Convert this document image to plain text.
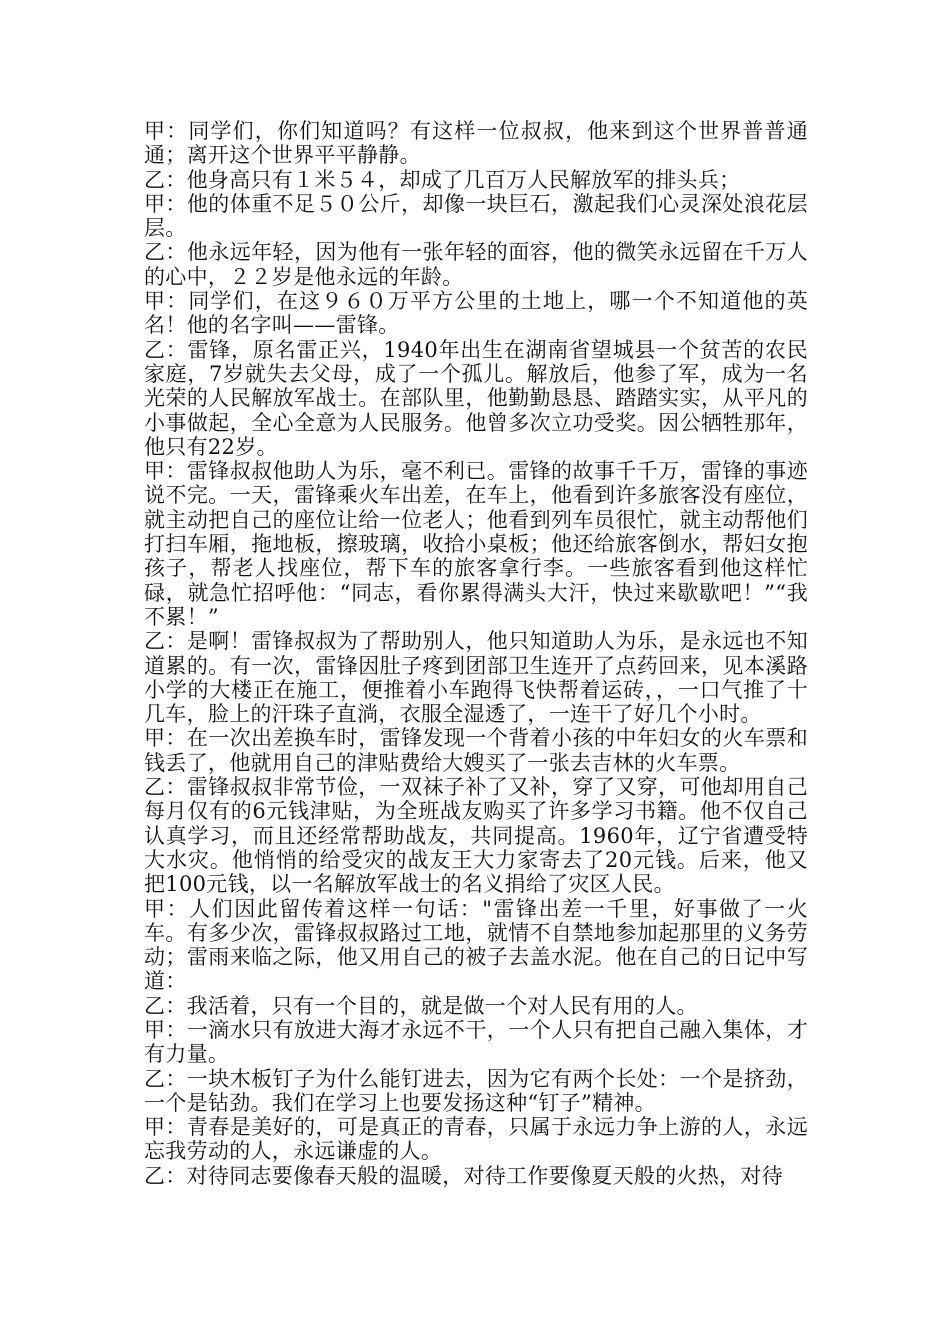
甲：同学们，你们知道吗？有这样一位叔叔，他来到这个世界普普通通；离开这个世界平平静静。

乙：他身高只有１米５４，却成了几百万人民解放军的排头兵；

甲：他的体重不足５０公斤，却像一块巨石，激起我们心灵深处浪花层层。

乙：他永远年轻，因为他有一张年轻的面容，他的微笑永远留在千万人的心中，２２岁是他永远的年龄。

甲：同学们，在这９６０万平方公里的土地上，哪一个不知道他的英名！他的名字叫——雷锋。

乙：雷锋，原名雷正兴，1940年出生在湖南省望城县一个贫苦的农民家庭，7岁就失去父母，成了一个孤儿。解放后，他参了军，成为一名光荣的人民解放军战士。在部队里，他勤勤恳恳、踏踏实实，从平凡的小事做起，全心全意为人民服务。他曾多次立功受奖。因公牺牲那年，他只有22岁。

甲：雷锋叔叔他助人为乐，毫不利已。雷锋的故事千千万，雷锋的事迹说不完。一天，雷锋乘火车出差，在车上，他看到许多旅客没有座位，就主动把自己的座位让给一位老人；他看到列车员很忙，就主动帮他们打扫车厢，拖地板，擦玻璃，收拾小桌板；他还给旅客倒水，帮妇女抱孩子，帮老人找座位，帮下车的旅客拿行李。一些旅客看到他这样忙碌，就急忙招呼他：“同志，看你累得满头大汗，快过来歇歇吧！”“我不累！”

乙：是啊！雷锋叔叔为了帮助别人，他只知道助人为乐，是永远也不知道累的。有一次，雷锋因肚子疼到团部卫生连开了点药回来，见本溪路小学的大楼正在施工，便推着小车跑得飞快帮着运砖，，一口气推了十几车，脸上的汗珠子直淌，衣服全湿透了，一连干了好几个小时。

甲：在一次出差换车时，雷锋发现一个背着小孩的中年妇女的火车票和钱丢了，他就用自己的津贴费给大嫂买了一张去吉林的火车票。

乙：雷锋叔叔非常节俭，一双袜子补了又补，穿了又穿，可他却用自己每月仅有的6元钱津贴，为全班战友购买了许多学习书籍。他不仅自己认真学习，而且还经常帮助战友，共同提高。1960年，辽宁省遭受特大水灾。他悄悄的给受灾的战友王大力家寄去了20元钱。后来，他又把100元钱，以一名解放军战士的名义捐给了灾区人民。

甲：人们因此留传着这样一句话："雷锋出差一千里，好事做了一火车。有多少次，雷锋叔叔路过工地，就情不自禁地参加起那里的义务劳动；雷雨来临之际，他又用自己的被子去盖水泥。他在自己的日记中写道：

乙：我活着，只有一个目的，就是做一个对人民有用的人。

甲：一滴水只有放进大海才永远不干，一个人只有把自己融入集体，才有力量。

乙：一块木板钉子为什么能钉进去，因为它有两个长处：一个是挤劲，一个是钻劲。我们在学习上也要发扬这种“钉子”精神。

甲：青春是美好的，可是真正的青春，只属于永远力争上游的人，永远忘我劳动的人，永远谦虚的人。

乙：对待同志要像春天般的温暖，对待工作要像夏天般的火热，对待
